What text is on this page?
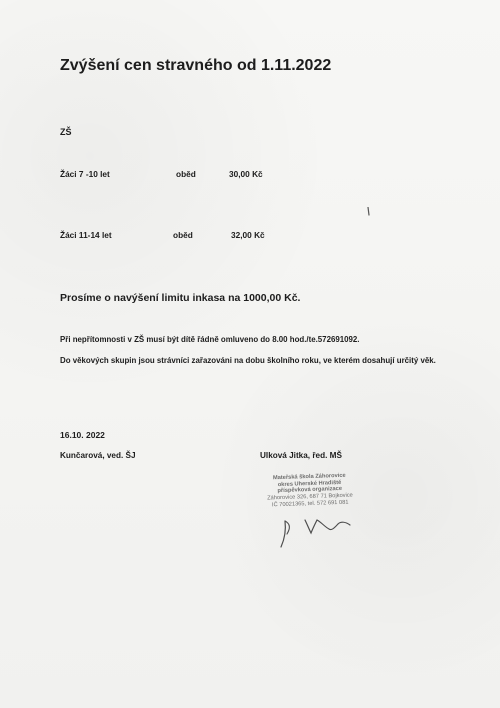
Zvýšení cen stravného od 1.11.2022
ZŠ
Žáci 7 -10 let	oběd	30,00 Kč
Žáci 11-14 let	oběd	32,00 Kč
Prosíme o navýšení limitu inkasa na 1000,00 Kč.
Při nepřítomnosti v ZŠ musí být dítě řádně omluveno do 8.00 hod./te.572691092.
Do věkových skupin jsou strávníci zařazováni na dobu školního roku, ve kterém dosahují určitý věk.
16.10. 2022
Kunčarová, ved. ŠJ	Ulková Jitka, řed. MŠ
Mateřská škola Záhorovice
okres Uherské Hradiště
příspěvková organizace
Záhorovice 326, 687 71 Bojkovice
IČ 70021365, tel. 572 691 081
